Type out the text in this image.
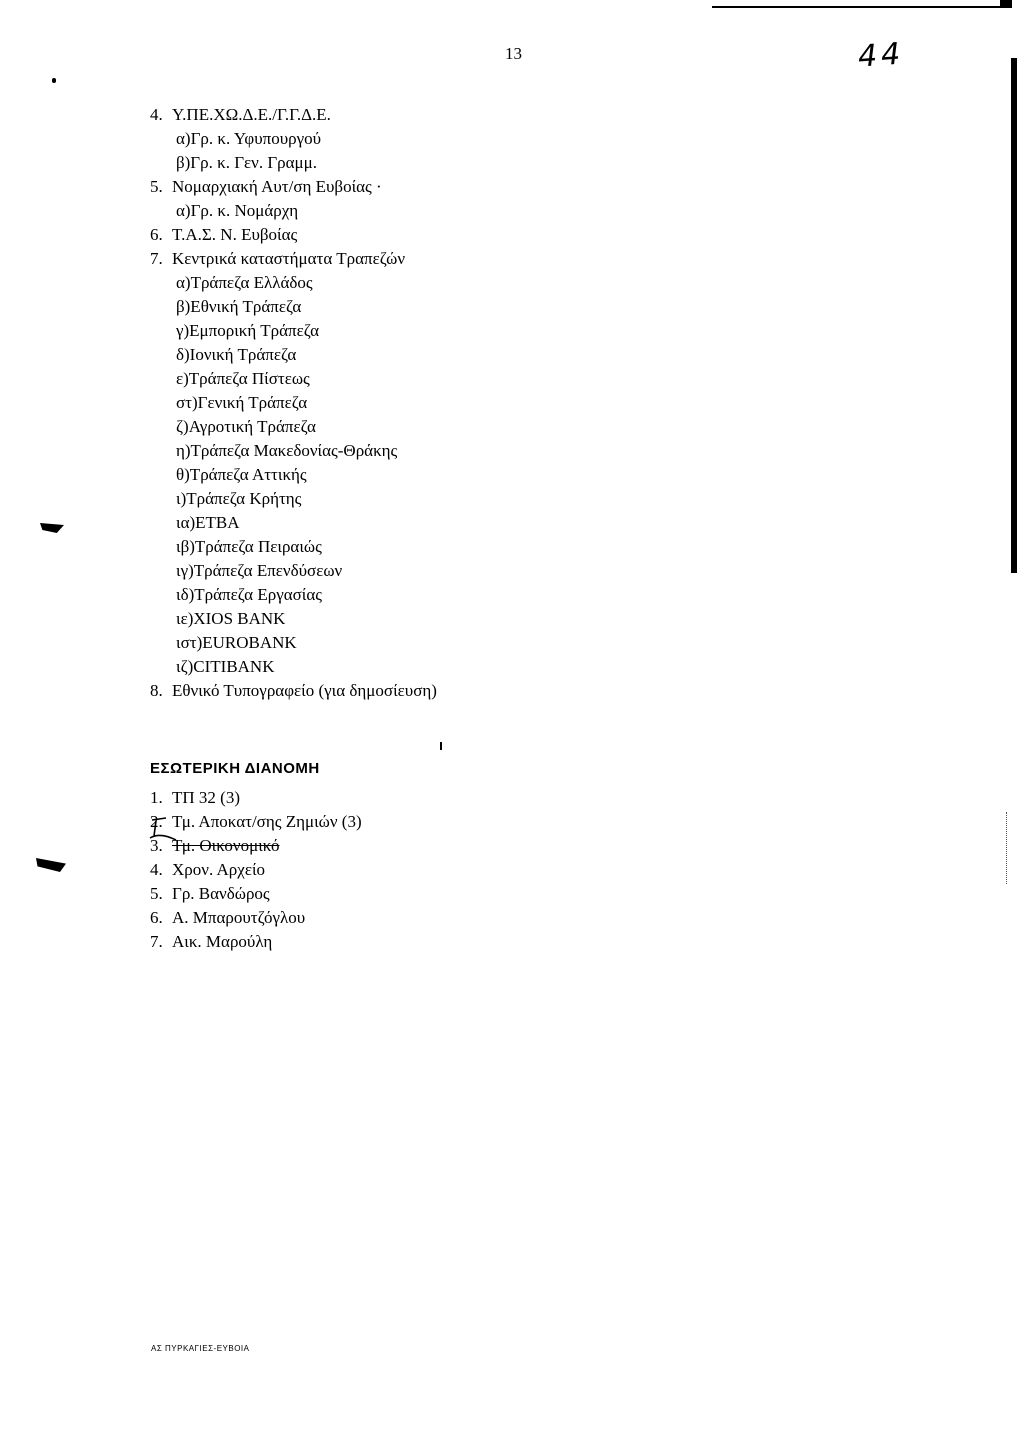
13	44
4. Υ.ΠΕ.ΧΩ.Δ.Ε./Γ.Γ.Δ.Ε.
α)Γρ. κ. Υφυπουργού
β)Γρ. κ. Γεν. Γραμμ.
5. Νομαρχιακή Αυτ/ση Ευβοίας ·
α)Γρ. κ. Νομάρχη
6. Τ.Α.Σ. Ν. Ευβοίας
7. Κεντρικά καταστήματα Τραπεζών
α)Τράπεζα Ελλάδος
β)Εθνική Τράπεζα
γ)Εμπορική Τράπεζα
δ)Ιονική Τράπεζα
ε)Τράπεζα Πίστεως
στ)Γενική Τράπεζα
ζ)Αγροτική Τράπεζα
η)Τράπεζα Μακεδονίας-Θράκης
θ)Τράπεζα Αττικής
ι)Τράπεζα Κρήτης
ια)ΕΤΒΑ
ιβ)Τράπεζα Πειραιώς
ιγ)Τράπεζα Επενδύσεων
ιδ)Τράπεζα Εργασίας
ιε)XIOS BANK
ιστ)EUROBANK
ιζ)CITIBANK
8. Εθνικό Τυπογραφείο (για δημοσίευση)
ΕΣΩΤΕΡΙΚΗ ΔΙΑΝΟΜΗ
1. ΤΠ 32 (3)
2. Τμ. Αποκατ/σης Ζημιών (3)
3. Τμ. Οικονομικό
4. Χρον. Αρχείο
5. Γρ. Βανδώρος
6. Α. Μπαρουτζόγλου
7. Αικ. Μαρούλη
ΑΣ ΠΥΡΚΑΓΙΕΣ-ΕΥΒΟΙΑ
